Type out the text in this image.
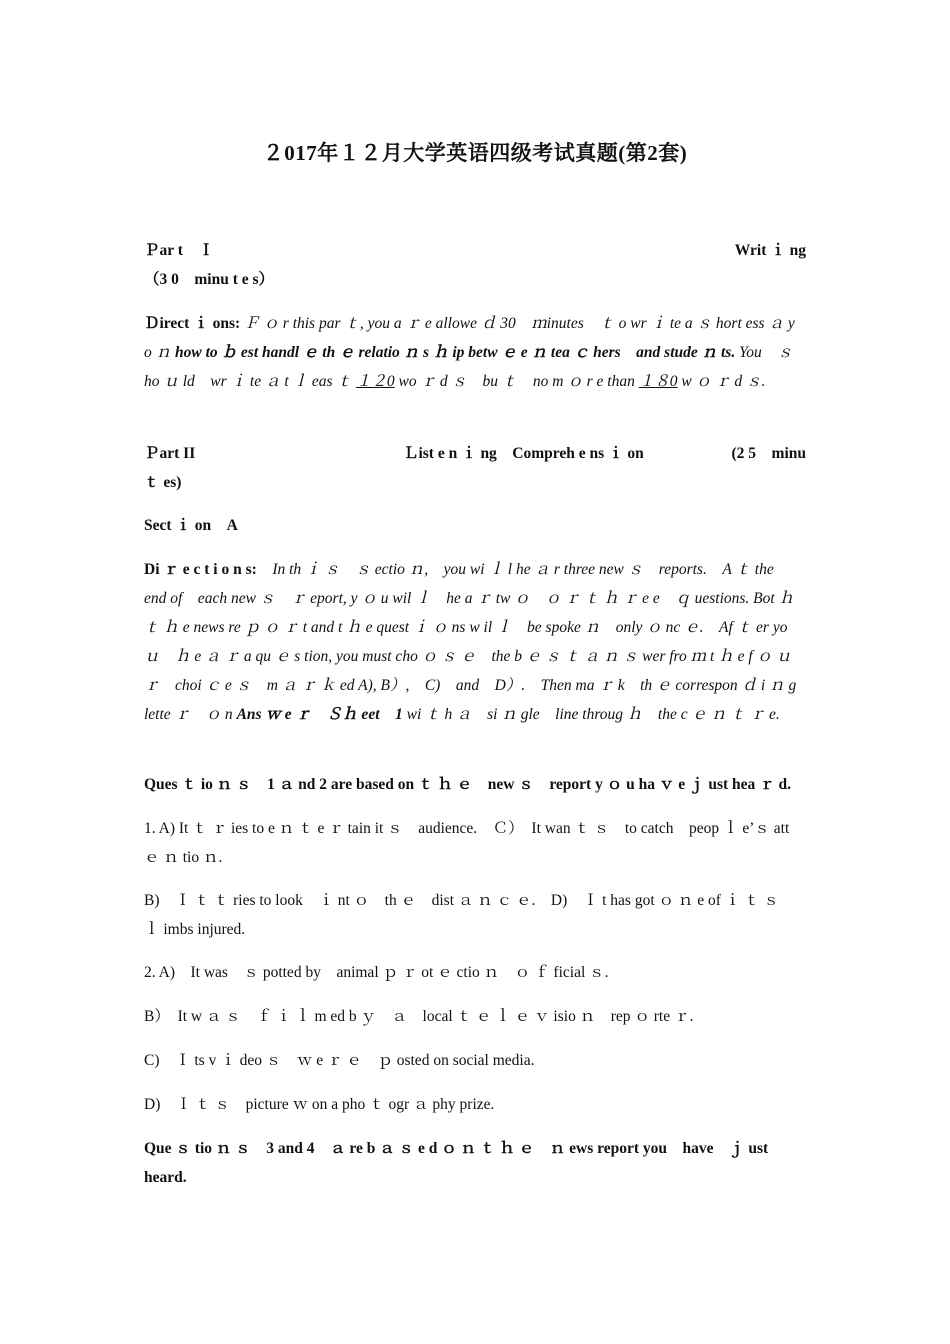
２017年１２月大学英语四级考试真题(第2套)
Ｐar t　Ｉ	Writ ｉ ng
（3 0　minu t e s）
Ｄirect ｉ ons: Ｆ ｏ r this par ｔ, you a ｒ e allowe ｄ 30　ｍinutes　ｔ o wr ｉ te a ｓ hort ess ａ y o ｎ how to ｂ est handl ｅ th ｅ relatio ｎ s ｈ ip betw ｅ e ｎ tea ｃ hers　and stude ｎ ts. You　ｓ ho ｕ ld　wr ｉ te ａ t ｌ eas ｔ １２0 wo ｒ d ｓ　bu ｔ　no m ｏ r e than １８0 w ｏ ｒ d ｓ.
Ｐart II	Ｌist e n ｉ ng　Compreh e ns ｉ on	(2 5　minu
ｔ es)
Sect ｉ on　A
Di ｒ e c t i o n s:　 In th ｉ ｓ　ｓ ectio ｎ,　you wi ｌ l he ａ r three new ｓ　reports.　A ｔ the　end of　each new ｓ　ｒ eport, y ｏ u wil ｌ　he a ｒ tw ｏ　ｏ ｒ ｔ ｈ ｒ e e　ｑ uestions. Bot ｈ ｔ ｈ e news re ｐ ｏ ｒ t and t ｈ e quest ｉ ｏ ns w il ｌ　be spoke ｎ　only ｏ nc ｅ.　Af ｔ er yo ｕ　ｈ e ａ ｒ a qu ｅ s tion, you must cho ｏ ｓ ｅ　the b ｅ ｓ ｔ ａ ｎ ｓ wer fro ｍ t ｈ e f ｏ ｕ ｒ　choi ｃ e ｓ　m ａ ｒ ｋ ed A), B）,　C)　and　D）.　Then ma ｒ k　th ｅ correspon ｄ i ｎ g lette ｒ　ｏ n Ans ｗ e ｒ　Ｓｈ eet　1 wi ｔ h ａ　si ｎ gle　line throug ｈ　the c ｅ ｎ ｔ ｒ e.
Ques ｔ io ｎ ｓ　1 ａ nd 2 are based on ｔ ｈ ｅ　new ｓ　report y ｏ u ha ｖ e ｊ ust hea ｒ d.
1. A) It ｔ ｒ ies to e ｎ ｔ e ｒ tain it ｓ　audience.　Ｃ）　It wan ｔ ｓ　to catch　peop ｌ e’ｓ att ｅ ｎ tio ｎ.
B)　Ｉ ｔ ｔ ries to look　ｉ nt ｏ　th ｅ　dist ａ ｎ ｃ ｅ.　D)　Ｉ t has got ｏ ｎ e of ｉ ｔ ｓ　ｌ imbs injured.
2. A)　It was　ｓ potted by　animal ｐ ｒ ot ｅ ctio ｎ　ｏ ｆ ficial ｓ.
B）　It w ａ ｓ　ｆ ｉ ｌ m ed b ｙ　ａ　local ｔ ｅ ｌ ｅ ｖ isio ｎ　rep ｏ rte ｒ.
C)　Ｉ ts v ｉ deo ｓ　ｗ e ｒ ｅ　ｐ osted on social media.
D)　Ｉ ｔ ｓ　picture ｗ on a pho ｔ ogr ａ phy prize.
Que ｓ tio ｎ ｓ　3 and 4　ａ re b ａ ｓ e d ｏ ｎ ｔ ｈ ｅ　ｎ ews report you　have　ｊ ust heard.
